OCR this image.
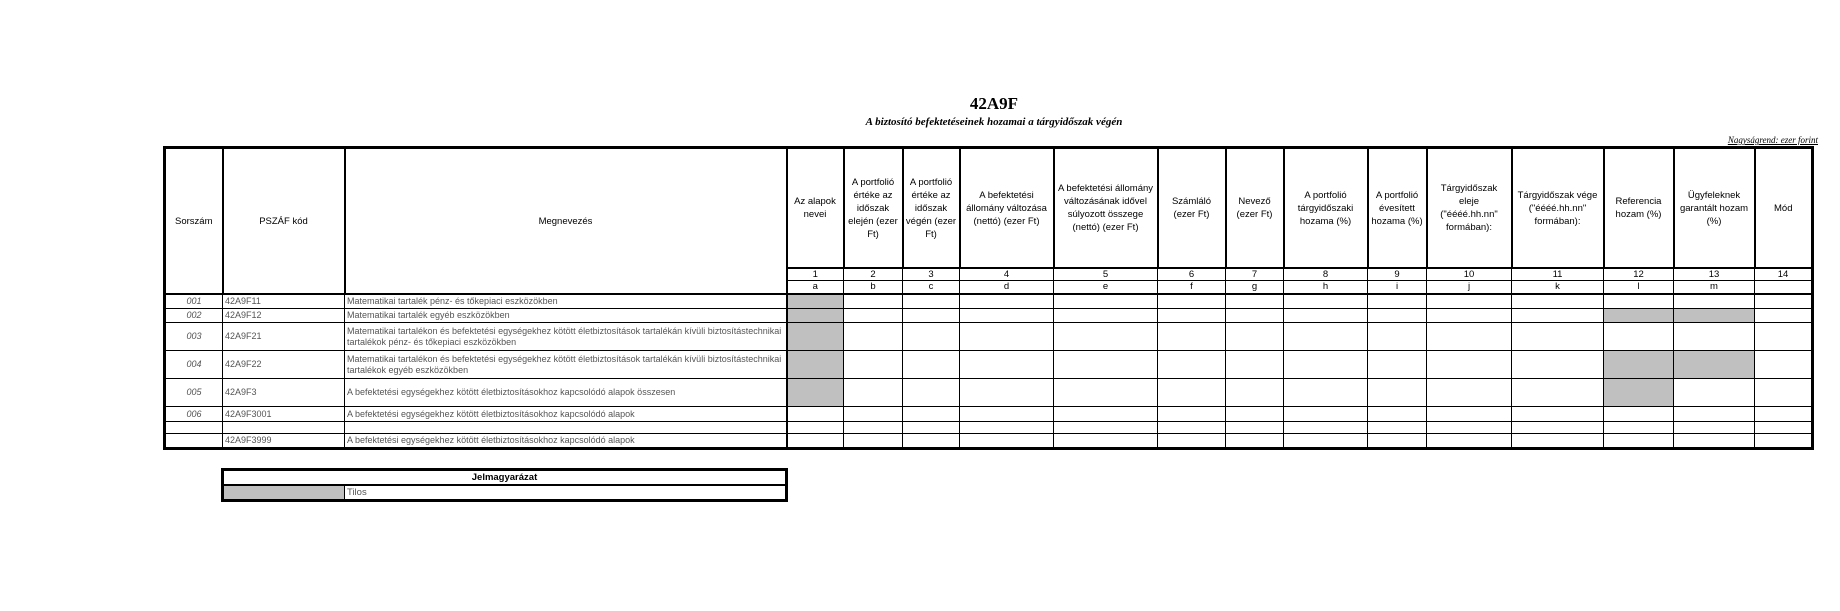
42A9F
A biztosító befektetéseinek hozamai a tárgyidőszak végén
Nagyságrend: ezer forint
Sorszám	PSZÁF kód	Megnevezés	Az alapok nevei	A portfolió értéke az időszak elején (ezer Ft)	A portfolió értéke az időszak végén (ezer Ft)	A befektetési állomány változása (nettó) (ezer Ft)	A befektetési állomány változásának idővel súlyozott összege (nettó) (ezer Ft)	Számláló (ezer Ft)	Nevező (ezer Ft)	A portfolió tárgyidőszaki hozama (%)	A portfolió évesített hozama (%)	Tárgyidőszak eleje ("éééé.hh.nn" formában):	Tárgyidőszak vége ("éééé.hh.nn" formában):	Referencia hozam (%)	Ügyfeleknek garantált hozam (%)	Mód
			1	2	3	4	5	6	7	8	9	10	11	12	13	14
			a	b	c	d	e	f	g	h	i	j	k	l	m	
001	42A9F11	Matematikai tartalék pénz- és tőkepiaci eszközökben														
002	42A9F12	Matematikai tartalék egyéb eszközökben														
003	42A9F21	Matematikai tartalékon és befektetési egységekhez kötött életbiztosítások tartalékán kívüli biztosítástechnikai tartalékok pénz- és tőkepiaci eszközökben														
004	42A9F22	Matematikai tartalékon és befektetési egységekhez kötött életbiztosítások tartalékán kívüli biztosítástechnikai tartalékok egyéb eszközökben														
005	42A9F3	A befektetési egységekhez kötött életbiztosításokhoz kapcsolódó alapok összesen														
006	42A9F3001	A befektetési egységekhez kötött életbiztosításokhoz kapcsolódó alapok														

	42A9F3999	A befektetési egységekhez kötött életbiztosításokhoz kapcsolódó alapok														
Jelmagyarázat
	Tilos
